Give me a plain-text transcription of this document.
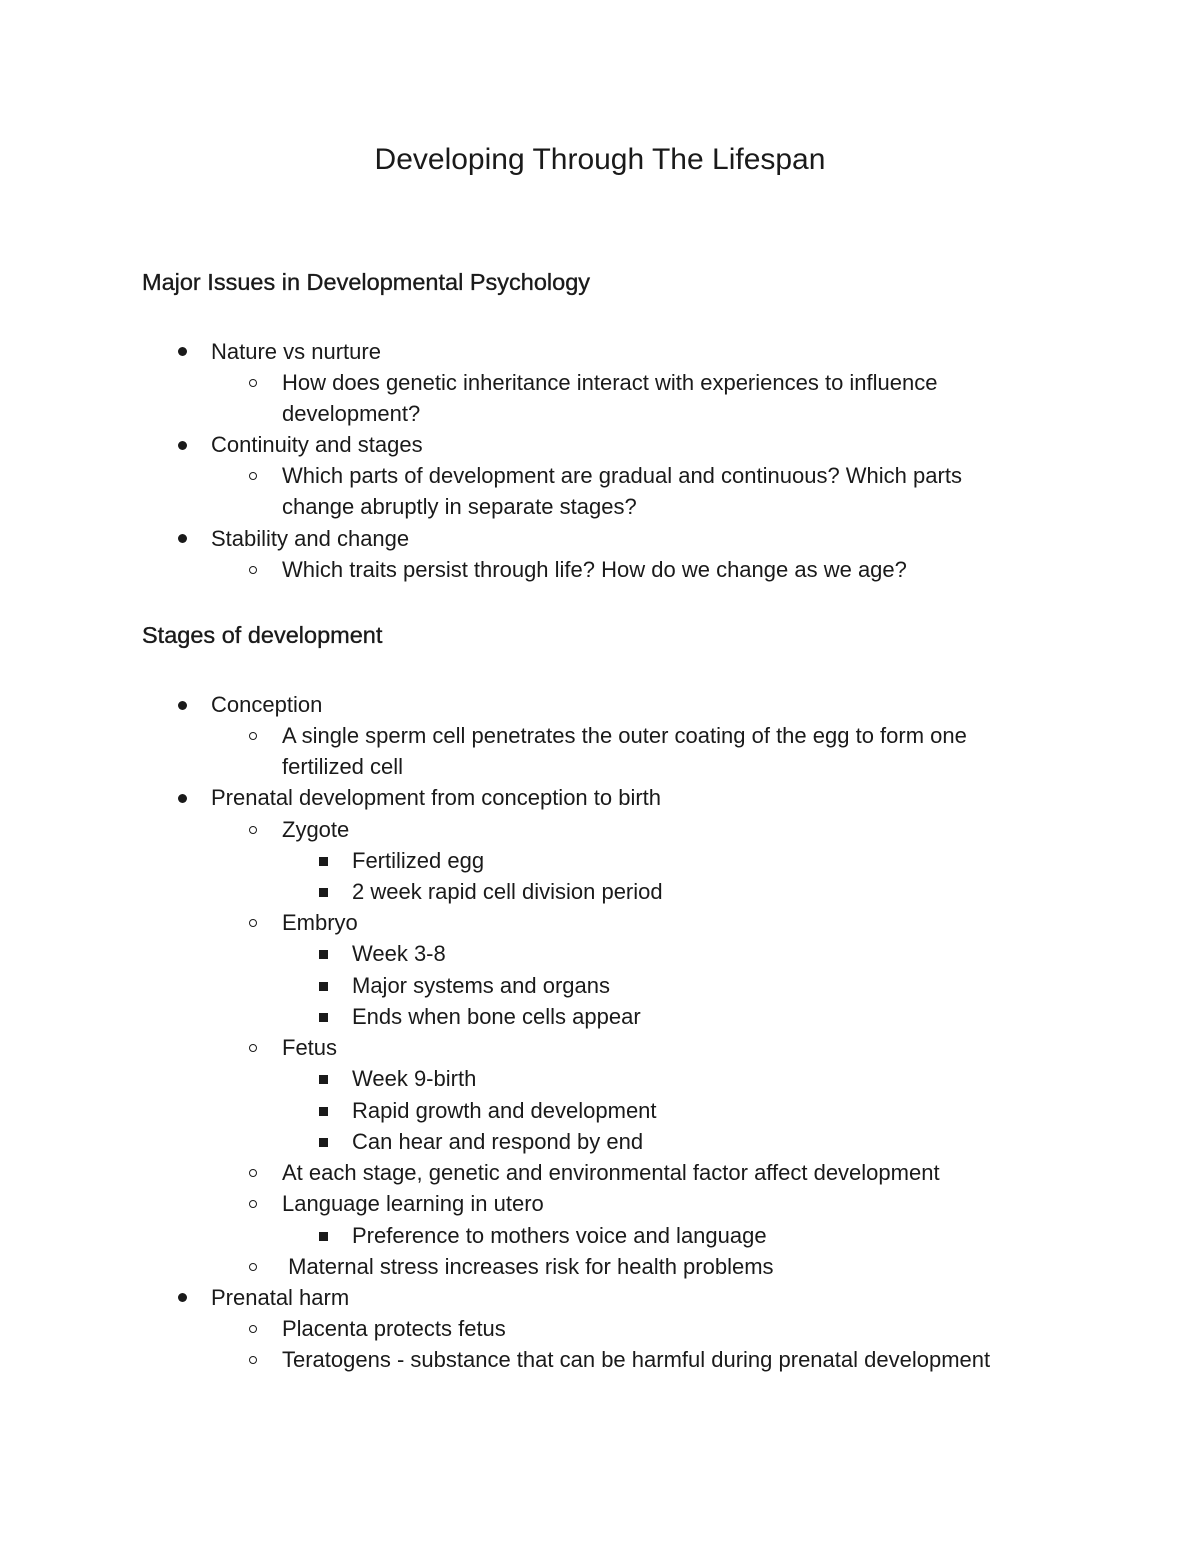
Developing Through The Lifespan
Major Issues in Developmental Psychology
Nature vs nurture
How does genetic inheritance interact with experiences to influence
development?
Continuity and stages
Which parts of development are gradual and continuous? Which parts
change abruptly in separate stages?
Stability and change
Which traits persist through life? How do we change as we age?
Stages of development
Conception
A single sperm cell penetrates the outer coating of the egg to form one
fertilized cell
Prenatal development from conception to birth
Zygote
Fertilized egg
2 week rapid cell division period
Embryo
Week 3-8
Major systems and organs
Ends when bone cells appear
Fetus
Week 9-birth
Rapid growth and development
Can hear and respond by end
At each stage, genetic and environmental factor affect development
Language learning in utero
Preference to mothers voice and language
Maternal stress increases risk for health problems
Prenatal harm
Placenta protects fetus
Teratogens - substance that can be harmful during prenatal development
